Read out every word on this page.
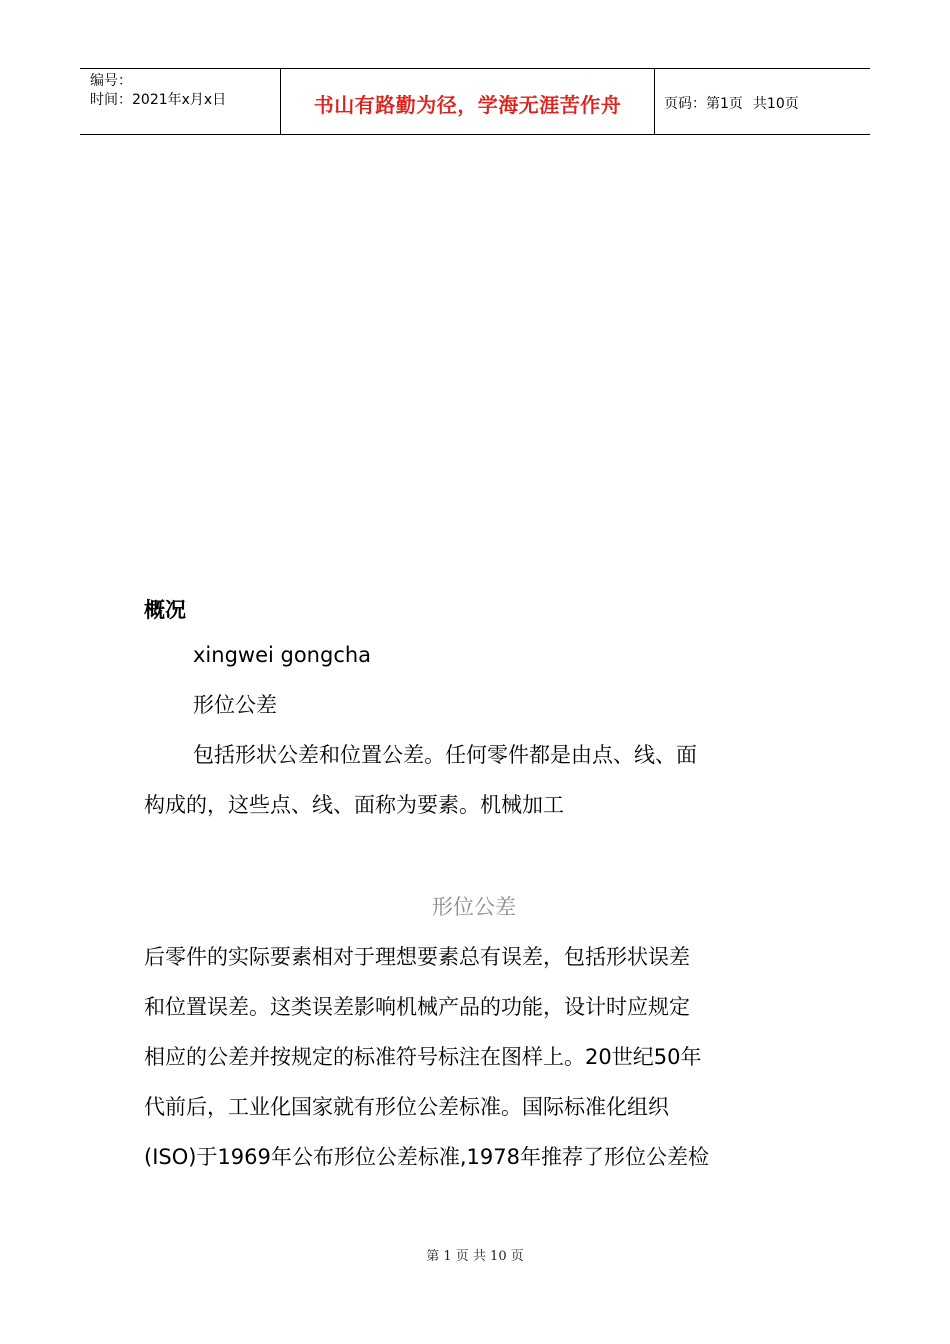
编号：
时间：2021年x月x日	书山有路勤为径，学海无涯苦作舟	页码：第1页 共10页
概况

xingwei gongcha

形位公差

包括形状公差和位置公差。任何零件都是由点、线、面

构成的，这些点、线、面称为要素。机械加工

形位公差

后零件的实际要素相对于理想要素总有误差，包括形状误差

和位置误差。这类误差影响机械产品的功能，设计时应规定

相应的公差并按规定的标准符号标注在图样上。20世纪50年

代前后，工业化国家就有形位公差标准。国际标准化组织

(ISO)于1969年公布形位公差标准,1978年推荐了形位公差检

第 1 页 共 10 页
